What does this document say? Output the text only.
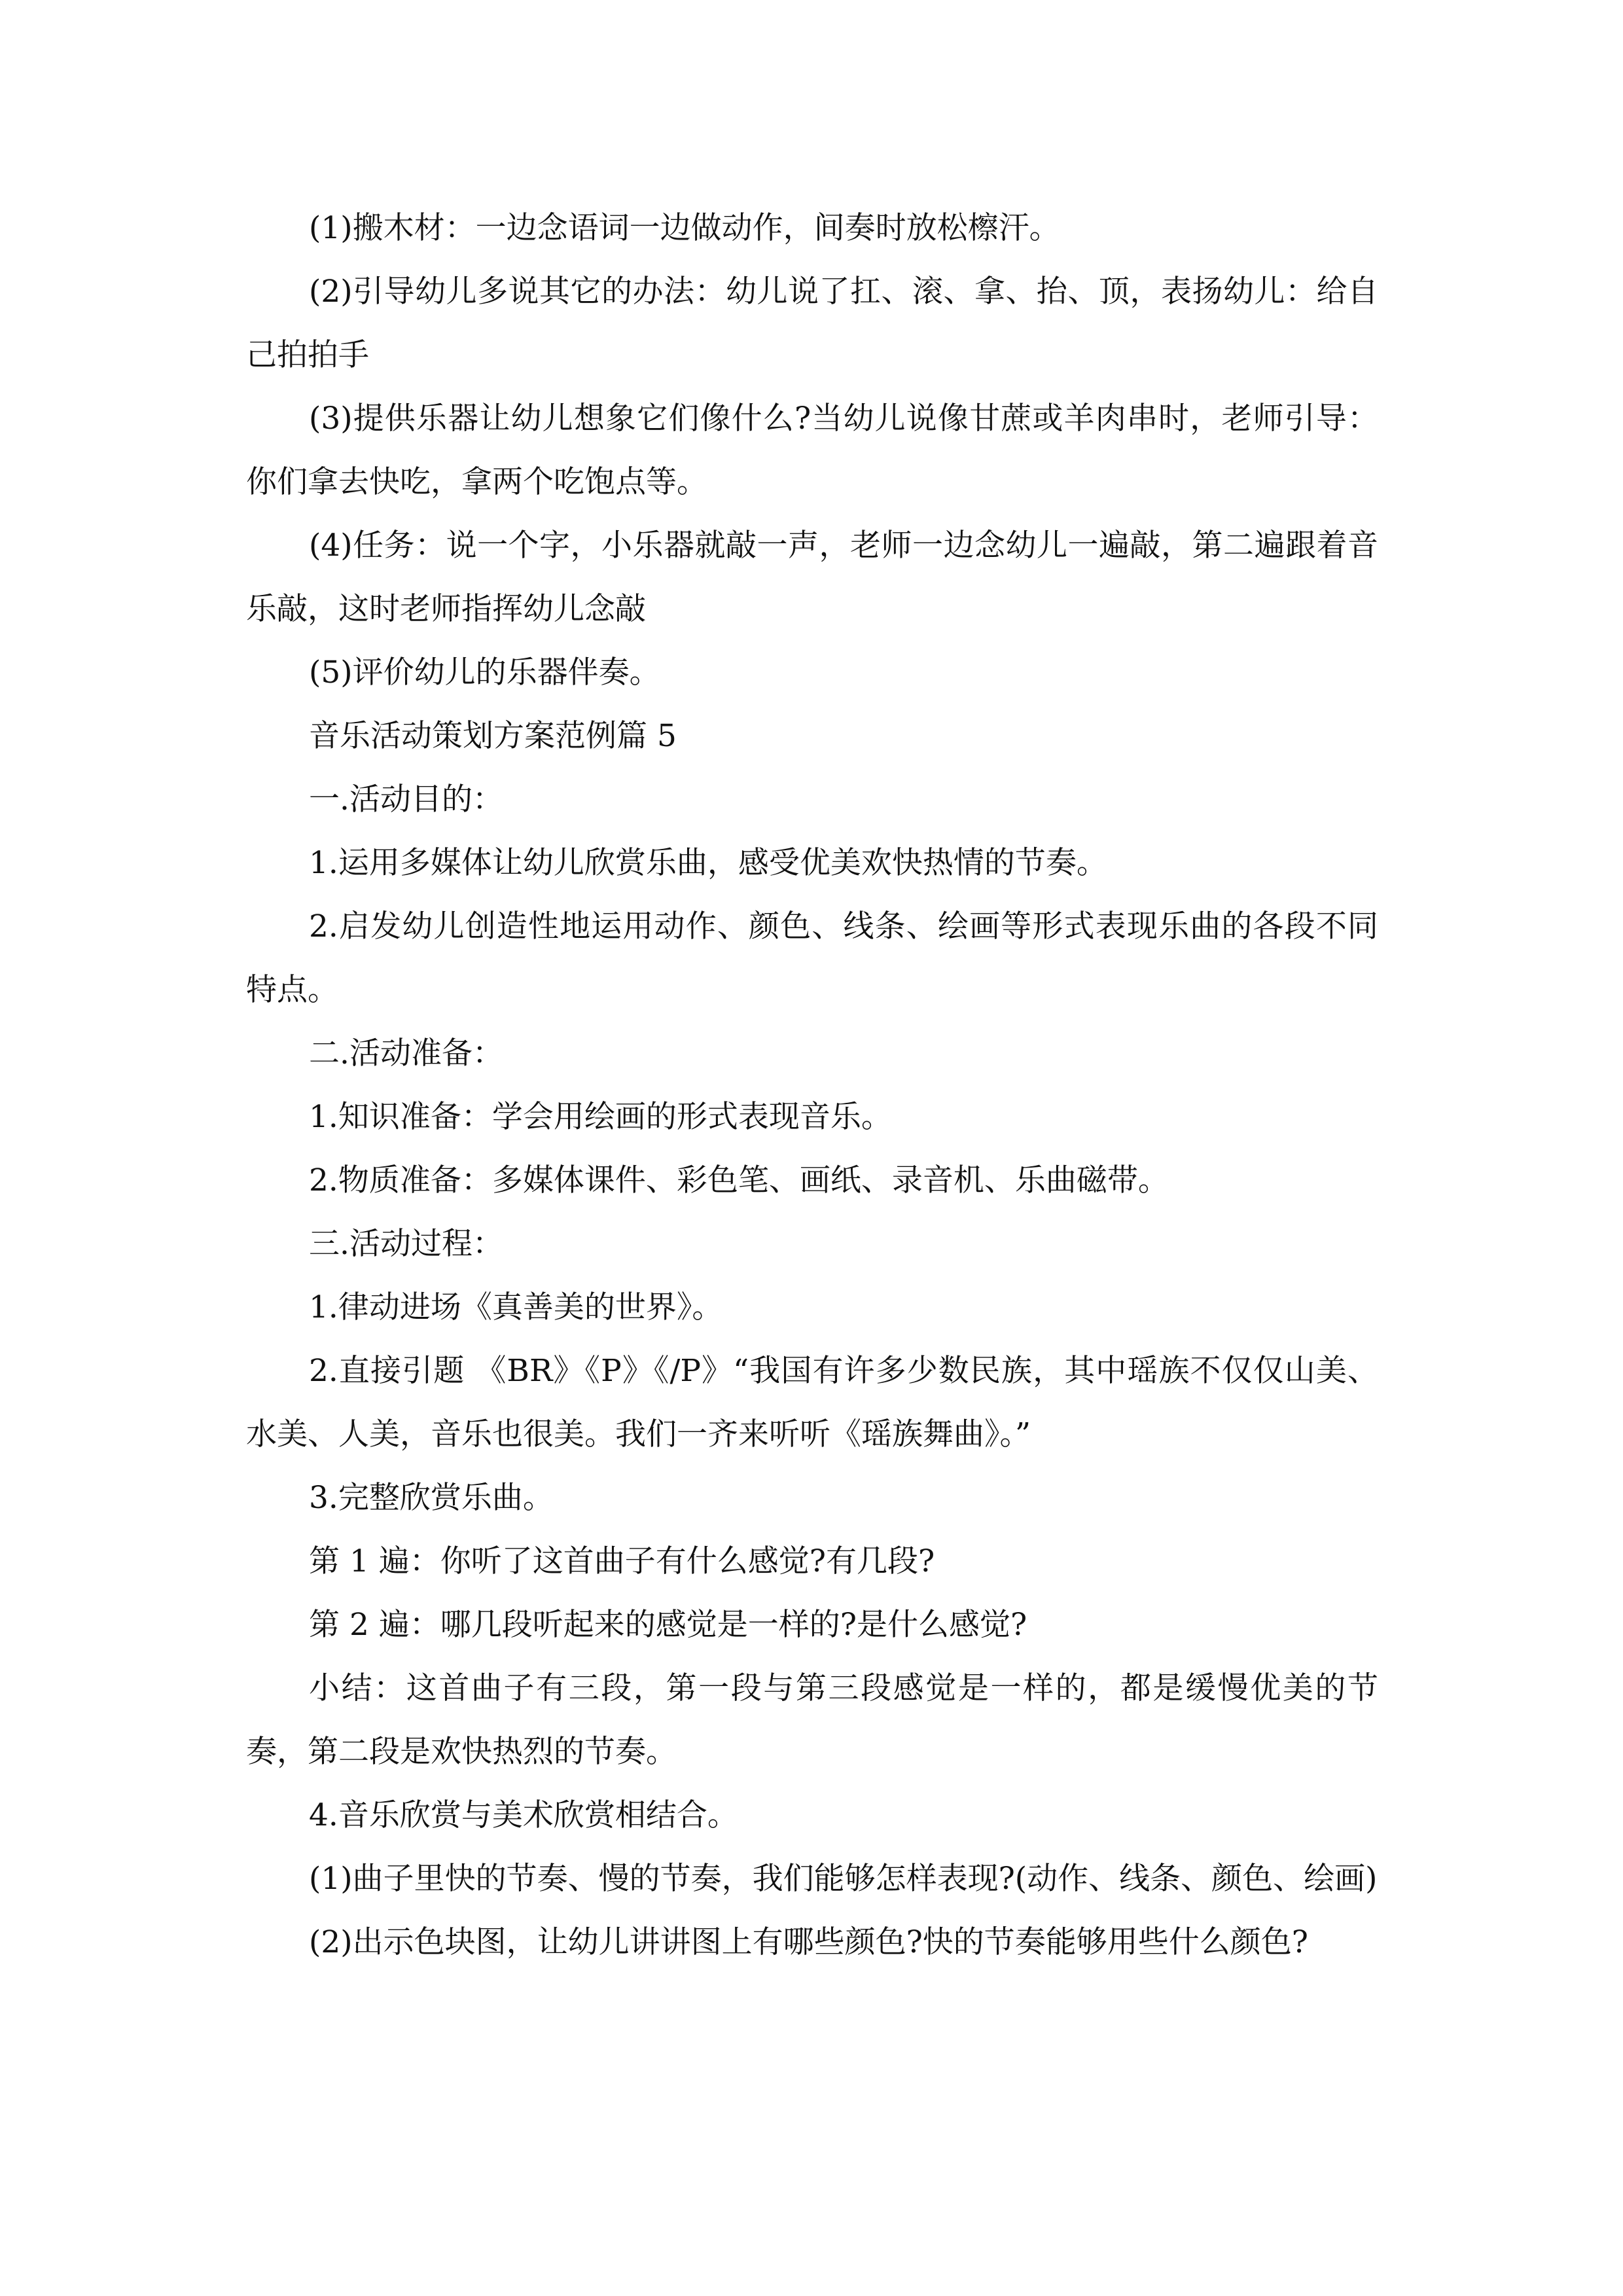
(1)搬木材：一边念语词一边做动作，间奏时放松檫汗。

(2)引导幼儿多说其它的办法：幼儿说了扛、滚、拿、抬、顶，表扬幼儿：给自己拍拍手

(3)提供乐器让幼儿想象它们像什么?当幼儿说像甘蔗或羊肉串时，老师引导：你们拿去快吃，拿两个吃饱点等。

(4)任务：说一个字，小乐器就敲一声，老师一边念幼儿一遍敲，第二遍跟着音乐敲，这时老师指挥幼儿念敲

(5)评价幼儿的乐器伴奏。

音乐活动策划方案范例篇 5

一.活动目的：

1.运用多媒体让幼儿欣赏乐曲，感受优美欢快热情的节奏。

2.启发幼儿创造性地运用动作、颜色、线条、绘画等形式表现乐曲的各段不同特点。

二.活动准备：

1.知识准备：学会用绘画的形式表现音乐。

2.物质准备：多媒体课件、彩色笔、画纸、录音机、乐曲磁带。

三.活动过程：

1.律动进场《真善美的世界》。

2.直接引题 《BR》《P》《/P》“我国有许多少数民族，其中瑶族不仅仅山美、水美、人美，音乐也很美。我们一齐来听听《瑶族舞曲》。”

3.完整欣赏乐曲。

第 1 遍：你听了这首曲子有什么感觉?有几段?

第 2 遍：哪几段听起来的感觉是一样的?是什么感觉?

小结：这首曲子有三段，第一段与第三段感觉是一样的，都是缓慢优美的节奏，第二段是欢快热烈的节奏。

4.音乐欣赏与美术欣赏相结合。

(1)曲子里快的节奏、慢的节奏，我们能够怎样表现?(动作、线条、颜色、绘画)

(2)出示色块图，让幼儿讲讲图上有哪些颜色?快的节奏能够用些什么颜色?
